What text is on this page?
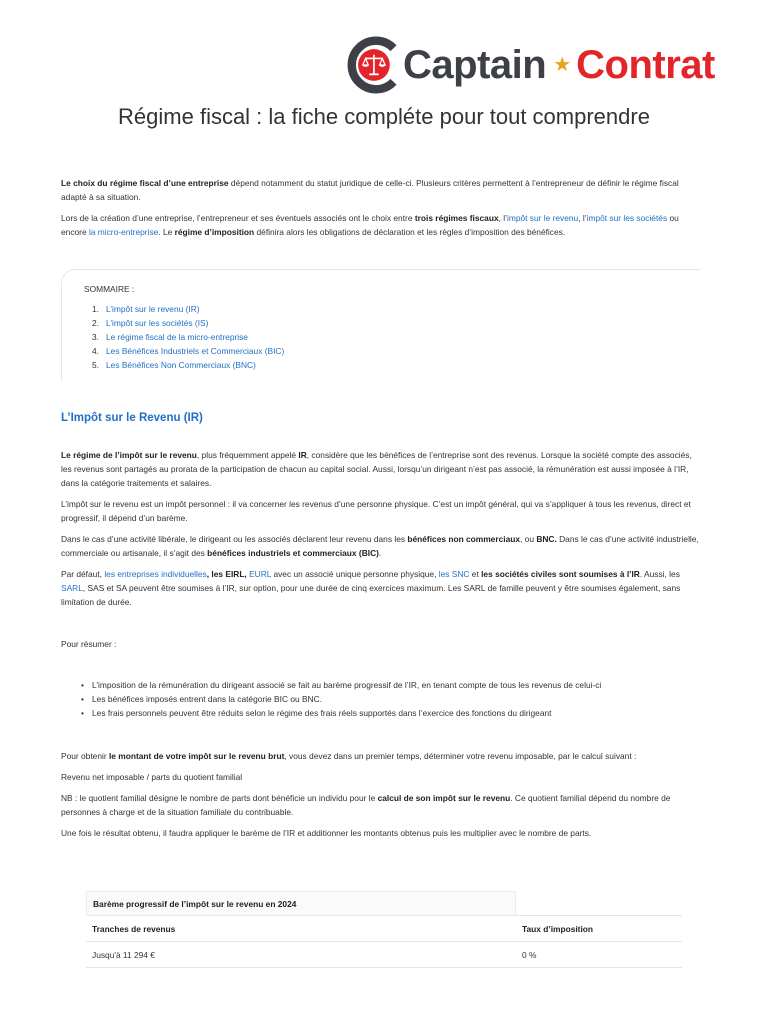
Captain ★ Contrat
Régime fiscal : la fiche compléte pour tout comprendre

Le choix du régime fiscal d’une entreprise dépend notamment du statut juridique de celle-ci. Plusieurs critères permettent à l’entrepreneur de définir le régime fiscal adapté à sa situation.

Lors de la création d’une entreprise, l’entrepreneur et ses éventuels associés ont le choix entre trois régimes fiscaux, l’impôt sur le revenu, l’impôt sur les sociétés ou encore la micro-entreprise. Le régime d’imposition définira alors les obligations de déclaration et les règles d’imposition des bénéfices.

SOMMAIRE :
1. L’impôt sur le revenu (IR)
2. L’impôt sur les sociétés (IS)
3. Le régime fiscal de la micro-entreprise
4. Les Bénéfices Industriels et Commerciaux (BIC)
5. Les Bénéfices Non Commerciaux (BNC)
L’Impôt sur le Revenu (IR)

Le régime de l’impôt sur le revenu, plus fréquemment appelé IR, considère que les bénéfices de l’entreprise sont des revenus. Lorsque la société compte des associés, les revenus sont partagés au prorata de la participation de chacun au capital social. Aussi, lorsqu’un dirigeant n’est pas associé, la rémunération est aussi imposée à l’IR, dans la catégorie traitements et salaires.

L’impôt sur le revenu est un impôt personnel : il va concerner les revenus d’une personne physique. C’est un impôt général, qui va s’appliquer à tous les revenus, direct et progressif, il dépend d’un barème.

Dans le cas d’une activité libérale, le dirigeant ou les associés déclarent leur revenu dans les bénéfices non commerciaux, ou BNC. Dans le cas d’une activité industrielle, commerciale ou artisanale, il s’agit des bénéfices industriels et commerciaux (BIC).

Par défaut, les entreprises individuelles, les EIRL, EURL avec un associé unique personne physique, les SNC et les sociétés civiles sont soumises à l’IR. Aussi, les SARL, SAS et SA peuvent être soumises à l’IR, sur option, pour une durée de cinq exercices maximum. Les SARL de famille peuvent y être soumises également, sans limitation de durée.

Pour résumer :

• L’imposition de la rémunération du dirigeant associé se fait au barème progressif de l’IR, en tenant compte de tous les revenus de celui-ci
• Les bénéfices imposés entrent dans la catégorie BIC ou BNC.
• Les frais personnels peuvent être réduits selon le régime des frais réels supportés dans l’exercice des fonctions du dirigeant

Pour obtenir le montant de votre impôt sur le revenu brut, vous devez dans un premier temps, déterminer votre revenu imposable, par le calcul suivant :

Revenu net imposable / parts du quotient familial

NB : le quotient familial désigne le nombre de parts dont bénéficie un individu pour le calcul de son impôt sur le revenu. Ce quotient familial dépend du nombre de personnes à charge et de la situation familiale du contribuable.

Une fois le résultat obtenu, il faudra appliquer le barème de l’IR et additionner les montants obtenus puis les multiplier avec le nombre de parts.

Barème progressif de l’impôt sur le revenu en 2024
Tranches de revenus	Taux d’imposition
Jusqu'à 11 294 €	0 %
